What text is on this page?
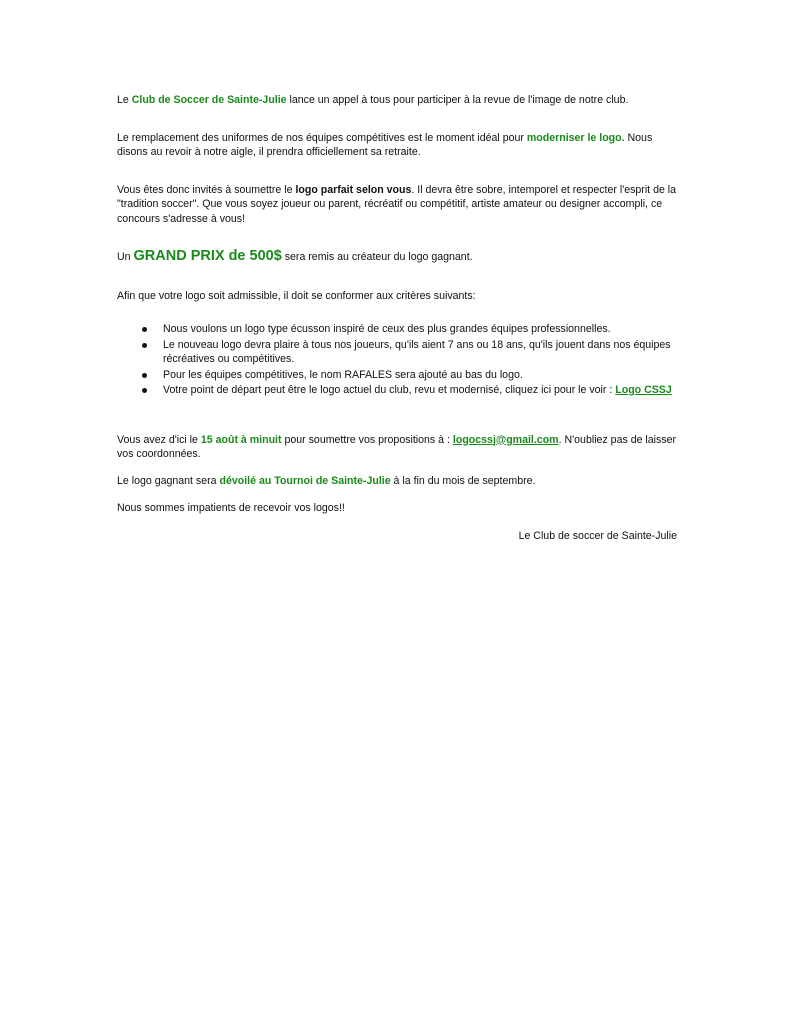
Le Club de Soccer de Sainte-Julie lance un appel à tous pour participer à la revue de l'image de notre club.

Le remplacement des uniformes de nos équipes compétitives est le moment idéal pour moderniser le logo. Nous disons au revoir à notre aigle, il prendra officiellement sa retraite.

Vous êtes donc invités à soumettre le logo parfait selon vous. Il devra être sobre, intemporel et respecter l'esprit de la "tradition soccer". Que vous soyez joueur ou parent, récréatif ou compétitif, artiste amateur ou designer accompli, ce concours s'adresse à vous!

Un GRAND PRIX de 500$ sera remis au créateur du logo gagnant.

Afin que votre logo soit admissible, il doit se conformer aux critères suivants:

Nous voulons un logo type écusson inspiré de ceux des plus grandes équipes professionnelles.
Le nouveau logo devra plaire à tous nos joueurs, qu'ils aient 7 ans ou 18 ans, qu'ils jouent dans nos équipes récréatives ou compétitives.
Pour les équipes compétitives, le nom RAFALES sera ajouté au bas du logo.
Votre point de départ peut être le logo actuel du club, revu et modernisé, cliquez ici pour le voir : Logo CSSJ

Vous avez d'ici le 15 août à minuit pour soumettre vos propositions à : logocssj@gmail.com. N'oubliez pas de laisser vos coordonnées.

Le logo gagnant sera dévoilé au Tournoi de Sainte-Julie à la fin du mois de septembre.

Nous sommes impatients de recevoir vos logos!!

Le Club de soccer de Sainte-Julie
